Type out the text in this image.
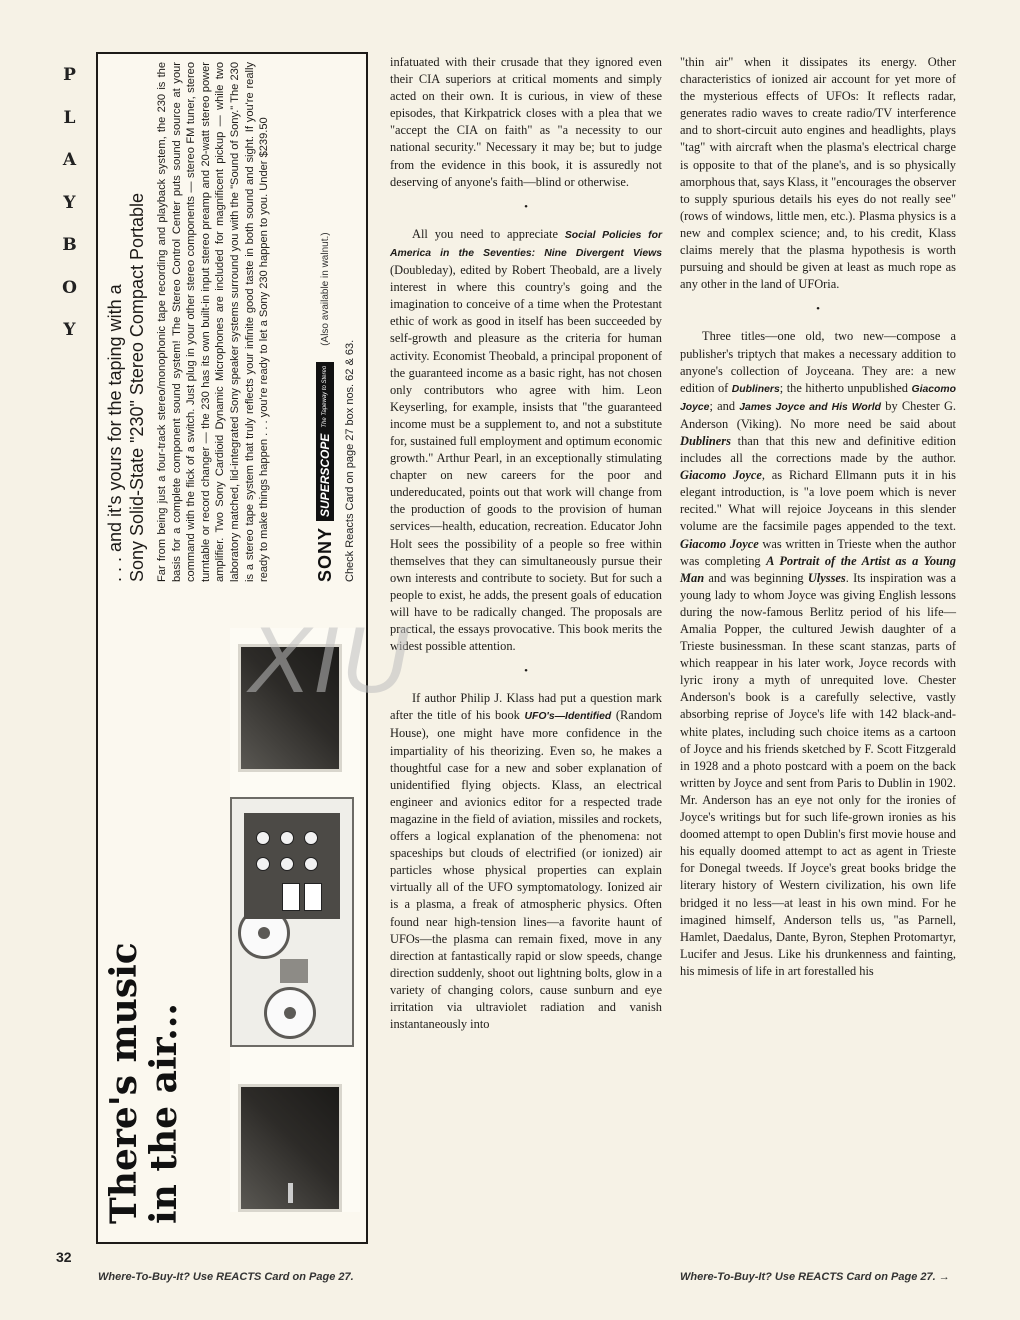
P
L
A
Y
B
O
Y
32
There's music
in the air...

. . . and it's yours for the taping with a Sony Solid-State "230" Stereo Compact Portable Far from being just a four-track stereo/monophonic tape recording and playback system, the 230 is the basis for a complete component sound system! The Stereo Control Center puts sound source at your command with the flick of a switch. Just plug in your other stereo components — stereo FM tuner, stereo turntable or record changer — the 230 has its own built-in input stereo preamp and 20-watt stereo power amplifier. Two Sony Cardioid Dynamic Microphones are included for magnificent pickup — while two laboratory matched, lid-integrated Sony speaker systems surround you with the "Sound of Sony." The 230 is a stereo tape system that truly reflects your infinite good taste in both sound and sight. If you're really ready to make things happen . . . you're ready to let a Sony 230 happen to you. Under $239.50 SONY
SUPERSCOPE
The Tapeway to Stereo
(Also available in walnut.)
Check Reacts Card on page 27 box nos. 62 & 63.

infatuated with their crusade that they ignored even their CIA superiors at critical moments and simply acted on their own. It is curious, in view of these episodes, that Kirkpatrick closes with a plea that we "accept the CIA on faith" as "a necessity to our national security." Necessary it may be; but to judge from the evidence in this book, it is assuredly not deserving of anyone's faith—blind or otherwise.

•

All you need to appreciate Social Policies for America in the Seventies: Nine Divergent Views (Doubleday), edited by Robert Theobald, are a lively interest in where this country's going and the imagination to conceive of a time when the Protestant ethic of work as good in itself has been succeeded by self-growth and pleasure as the criteria for human activity. Economist Theobald, a principal proponent of the guaranteed income as a basic right, has not chosen only contributors who agree with him. Leon Keyserling, for example, insists that "the guaranteed income must be a supplement to, and not a substitute for, sustained full employment and optimum economic growth." Arthur Pearl, in an exceptionally stimulating chapter on new careers for the poor and undereducated, points out that work will change from the production of goods to the provision of human services—health, education, recreation. Educator John Holt sees the possibility of a people so free within themselves that they can simultaneously pursue their own interests and contribute to society. But for such a people to exist, he adds, the present goals of education will have to be radically changed. The proposals are practical, the essays provocative. This book merits the widest possible attention.

•

If author Philip J. Klass had put a question mark after the title of his book UFO's—Identified (Random House), one might have more confidence in the impartiality of his theorizing. Even so, he makes a thoughtful case for a new and sober explanation of unidentified flying objects. Klass, an electrical engineer and avionics editor for a respected trade magazine in the field of aviation, missiles and rockets, offers a logical explanation of the phenomena: not spaceships but clouds of electrified (or ionized) air particles whose physical properties can explain virtually all of the UFO symptomatology. Ionized air is a plasma, a freak of atmospheric physics. Often found near high-tension lines—a favorite haunt of UFOs—the plasma can remain fixed, move in any direction at fantastically rapid or slow speeds, change direction suddenly, shoot out lightning bolts, glow in a variety of changing colors, cause sunburn and eye irritation via ultraviolet radiation and vanish instantaneously into

"thin air" when it dissipates its energy. Other characteristics of ionized air account for yet more of the mysterious effects of UFOs: It reflects radar, generates radio waves to create radio/TV interference and to short-circuit auto engines and headlights, plays "tag" with aircraft when the plasma's electrical charge is opposite to that of the plane's, and is so physically amorphous that, says Klass, it "encourages the observer to supply spurious details his eyes do not really see" (rows of windows, little men, etc.). Plasma physics is a new and complex science; and, to his credit, Klass claims merely that the plasma hypothesis is worth pursuing and should be given at least as much rope as any other in the land of UFOria.

•

Three titles—one old, two new—compose a publisher's triptych that makes a necessary addition to anyone's collection of Joyceana. They are: a new edition of Dubliners; the hitherto unpublished Giacomo Joyce; and James Joyce and His World by Chester G. Anderson (Viking). No more need be said about Dubliners than that this new and definitive edition includes all the corrections made by the author. Giacomo Joyce, as Richard Ellmann puts it in his elegant introduction, is "a love poem which is never recited." What will rejoice Joyceans in this slender volume are the facsimile pages appended to the text. Giacomo Joyce was written in Trieste when the author was completing A Portrait of the Artist as a Young Man and was beginning Ulysses. Its inspiration was a young lady to whom Joyce was giving English lessons during the now-famous Berlitz period of his life—Amalia Popper, the cultured Jewish daughter of a Trieste businessman. In these scant stanzas, parts of which reappear in his later work, Joyce records with lyric irony a myth of unrequited love. Chester Anderson's book is a carefully selective, vastly absorbing reprise of Joyce's life with 142 black-and-white plates, including such choice items as a cartoon of Joyce and his friends sketched by F. Scott Fitzgerald in 1928 and a photo postcard with a poem on the back written by Joyce and sent from Paris to Dublin in 1902. Mr. Anderson has an eye not only for the ironies of Joyce's writings but for such life-grown ironies as his doomed attempt to open Dublin's first movie house and his equally doomed attempt to act as agent in Trieste for Donegal tweeds. If Joyce's great books bridge the literary history of Western civilization, his own life bridged it no less—at least in his own mind. For he imagined himself, Anderson tells us, "as Parnell, Hamlet, Daedalus, Dante, Byron, Stephen Protomartyr, Lucifer and Jesus. Like his drunkenness and fainting, his mimesis of life in art forestalled his

XIU
Where-To-Buy-It? Use REACTS Card on Page 27.	Where-To-Buy-It? Use REACTS Card on Page 27. →
